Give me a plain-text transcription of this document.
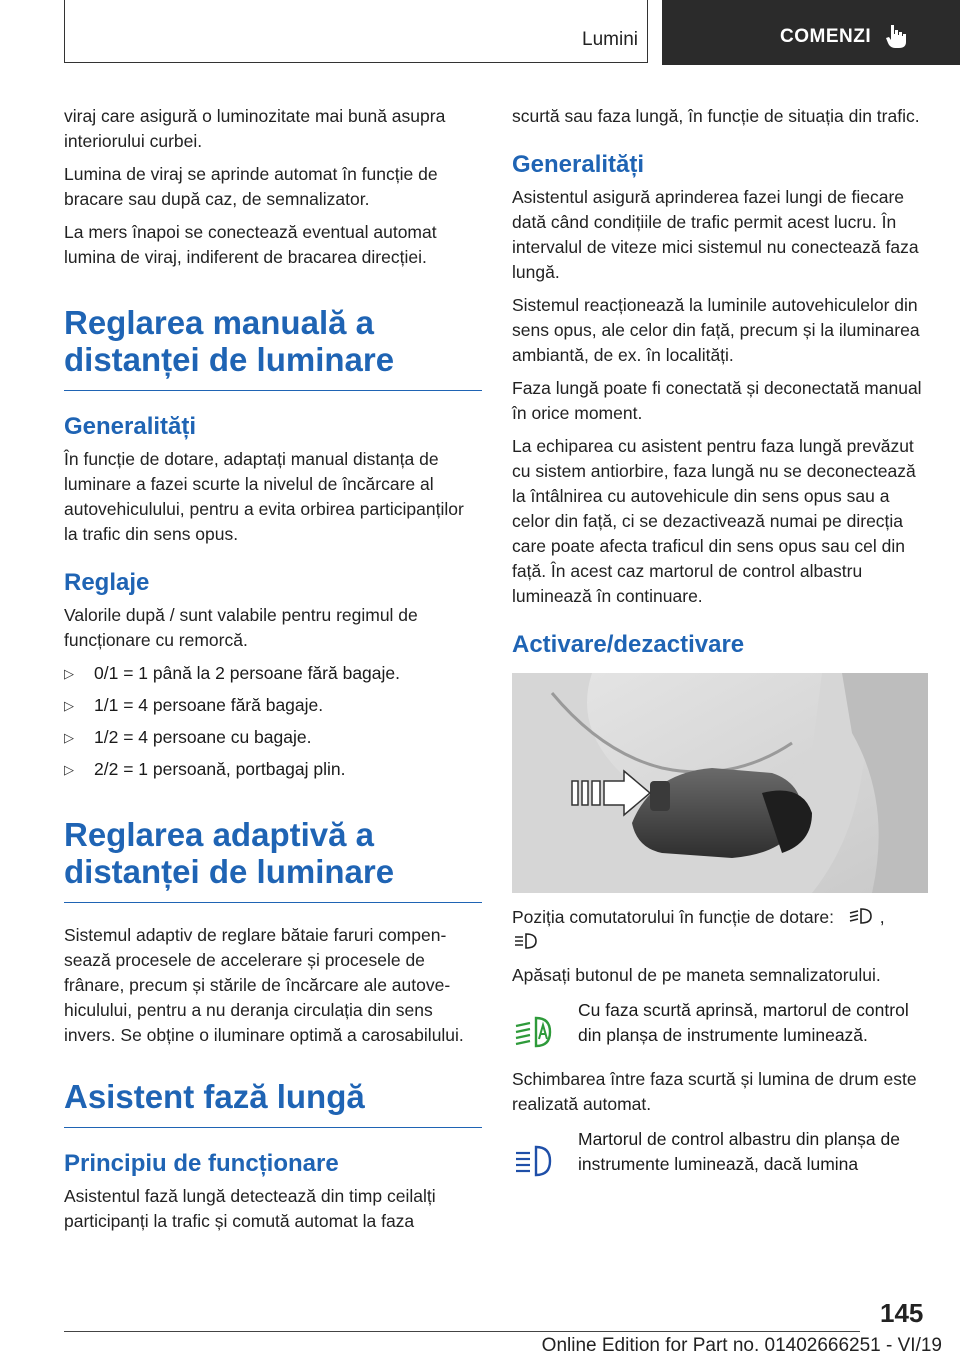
Lumini	COMENZI

viraj care asigură o luminozitate mai bună asupra interiorului curbei.

Lumina de viraj se aprinde automat în funcție de bracare sau după caz, de semnalizator.

La mers înapoi se conectează eventual automat lumina de viraj, indiferent de bracarea direcției.

Reglarea manuală a distanței de luminare
Generalități

În funcție de dotare, adaptați manual distanța de luminare a fazei scurte la nivelul de încărcare al autovehiculului, pentru a evita orbirea participanților la trafic din sens opus.

Reglaje

Valorile după / sunt valabile pentru regimul de funcționare cu remorcă.

▷ 0/1 = 1 până la 2 persoane fără bagaje.
▷ 1/1 = 4 persoane fără bagaje.
▷ 1/2 = 4 persoane cu bagaje.
▷ 2/2 = 1 persoană, portbagaj plin.
Reglarea adaptivă a distanței de luminare

Sistemul adaptiv de reglare bătaie faruri compensează procesele de accelerare și procesele de frânare, precum și stările de încărcare ale autovehiculului, pentru a nu deranja circulația din sens invers. Se obține o iluminare optimă a carosabilului.

Asistent fază lungă
Principiu de funcționare

Asistentul fază lungă detectează din timp ceilalți participanți la trafic și comută automat la faza

scurtă sau faza lungă, în funcție de situația din trafic.

Generalități

Asistentul asigură aprinderea fazei lungi de fiecare dată când condițiile de trafic permit acest lucru. În intervalul de viteze mici sistemul nu conectează faza lungă.

Sistemul reacționează la luminile autovehiculelor din sens opus, ale celor din față, precum și la iluminarea ambiantă, de ex. în localități.

Faza lungă poate fi conectată și deconectată manual în orice moment.

La echiparea cu asistent pentru faza lungă prevăzut cu sistem antiorbire, faza lungă nu se deconectează la întâlnirea cu autovehicule din sens opus sau a celor din față, ci se dezactivează numai pe direcția care poate afecta traficul din sens opus sau cel din față. În acest caz martorul de control albastru luminează în continuare.

Activare/dezactivare

Poziția comutatorului în funcție de dotare:	,

Apăsați butonul de pe maneta semnalizatorului.

Cu faza scurtă aprinsă, martorul de control din planșa de instrumente luminează.

Schimbarea între faza scurtă și lumina de drum este realizată automat.

Martorul de control albastru din planșa de instrumente luminează, dacă lumina

145
Online Edition for Part no. 01402666251 - VI/19
